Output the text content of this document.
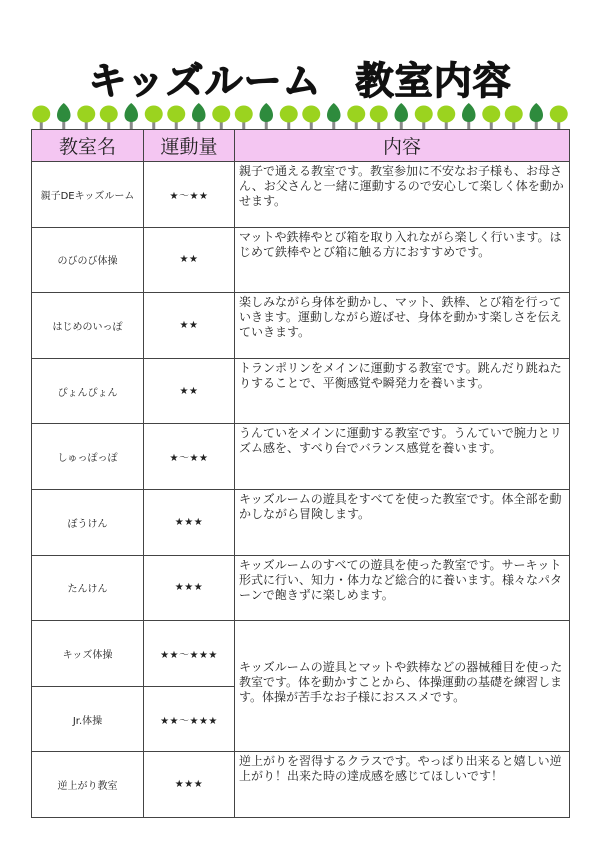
キッズルーム 教室内容
教室名	運動量	内容
親子DEキッズルーム	★〜★★	親子で通える教室です。教室参加に不安なお子様も、お母さん、お父さんと一緒に運動するので安心して楽しく体を動かせます。
のびのび体操	★★	マットや鉄棒やとび箱を取り入れながら楽しく行います。はじめて鉄棒やとび箱に触る方におすすめです。
はじめのいっぽ	★★	楽しみながら身体を動かし、マット、鉄棒、とび箱を行っていきます。運動しながら遊ばせ、身体を動かす楽しさを伝えていきます。
ぴょんぴょん	★★	トランポリンをメインに運動する教室です。跳んだり跳ねたりすることで、平衡感覚や瞬発力を養います。
しゅっぽっぽ	★〜★★	うんていをメインに運動する教室です。うんていで腕力とリズム感を、すべり台でバランス感覚を養います。
ぼうけん	★★★	キッズルームの遊具をすべてを使った教室です。体全部を動かしながら冒険します。
たんけん	★★★	キッズルームのすべての遊具を使った教室です。サーキット形式に行い、知力・体力など総合的に養います。様々なパターンで飽きずに楽しめます。
キッズ体操	★★〜★★★	キッズルームの遊具とマットや鉄棒などの器械種目を使った教室です。体を動かすことから、体操運動の基礎を練習します。体操が苦手なお子様におススメです。
Jr.体操	★★〜★★★	
逆上がり教室	★★★	逆上がりを習得するクラスです。やっぱり出来ると嬉しい逆上がり！出来た時の達成感を感じてほしいです！
